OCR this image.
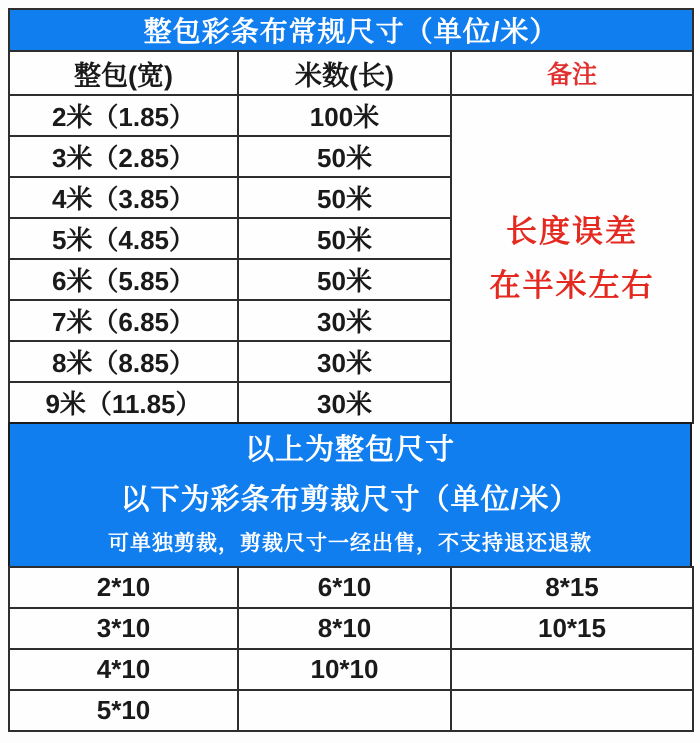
整包彩条布常规尺寸（单位/米）		
整包(宽)	米数(长)	备注
2米（1.85）	100米	长度误差
在半米左右

3米（2.85）	50米	
4米（3.85）	50米	
5米（4.85）	50米	
6米（5.85）	50米	
7米（6.85）	30米	
8米（8.85）	30米	
9米（11.85）	30米	
以上为整包尺寸
以下为彩条布剪裁尺寸（单位/米）
可单独剪裁，剪裁尺寸一经出售，不支持退还退款
2*10	6*10	8*15
3*10	8*10	10*15
4*10	10*10	
5*10		
